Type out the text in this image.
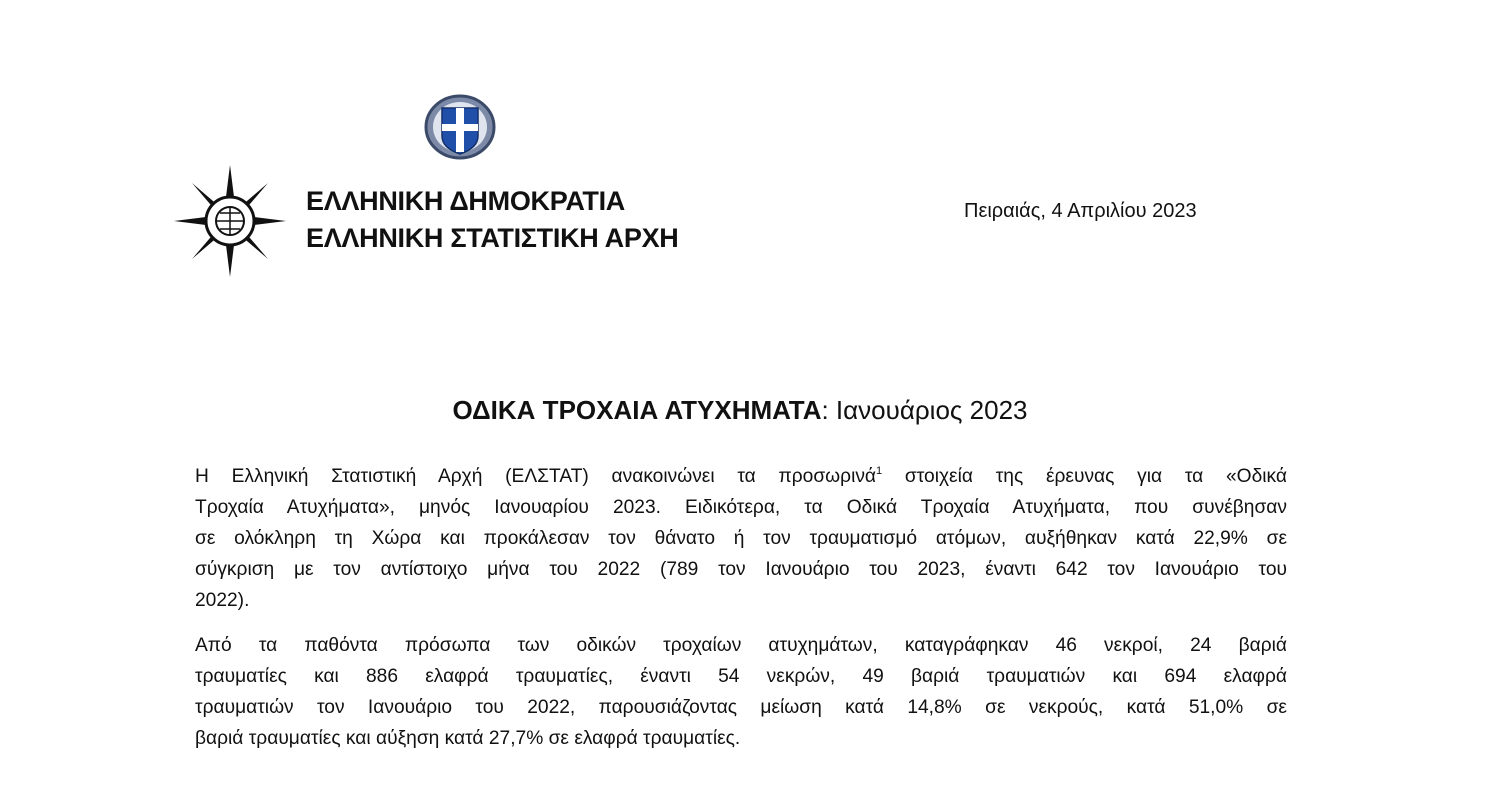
ΕΛΛΗΝΙΚΗ ΔΗΜΟΚΡΑΤΙΑ
ΕΛΛΗΝΙΚΗ ΣΤΑΤΙΣΤΙΚΗ ΑΡΧΗ
Πειραιάς, 4 Απριλίου 2023
ΟΔΙΚΑ ΤΡΟΧΑΙΑ ΑΤΥΧΗΜΑΤΑ: Ιανουάριος 2023
Η Ελληνική Στατιστική Αρχή (ΕΛΣΤΑΤ) ανακοινώνει τα προσωρινά$^1$ στοιχεία της έρευνας για τα «Οδικά
Τροχαία Ατυχήματα», μηνός Ιανουαρίου 2023. Ειδικότερα, τα Οδικά Τροχαία Ατυχήματα, που συνέβησαν
σε ολόκληρη τη Χώρα και προκάλεσαν τον θάνατο ή τον τραυματισμό ατόμων, αυξήθηκαν κατά 22,9% σε
σύγκριση με τον αντίστοιχο μήνα του 2022 (789 τον Ιανουάριο του 2023, έναντι 642 τον Ιανουάριο του
2022).
Από τα παθόντα πρόσωπα των οδικών τροχαίων ατυχημάτων, καταγράφηκαν 46 νεκροί, 24 βαριά
τραυματίες και 886 ελαφρά τραυματίες, έναντι 54 νεκρών, 49 βαριά τραυματιών και 694 ελαφρά
τραυματιών τον Ιανουάριο του 2022, παρουσιάζοντας μείωση κατά 14,8% σε νεκρούς, κατά 51,0% σε
βαριά τραυματίες και αύξηση κατά 27,7% σε ελαφρά τραυματίες.
